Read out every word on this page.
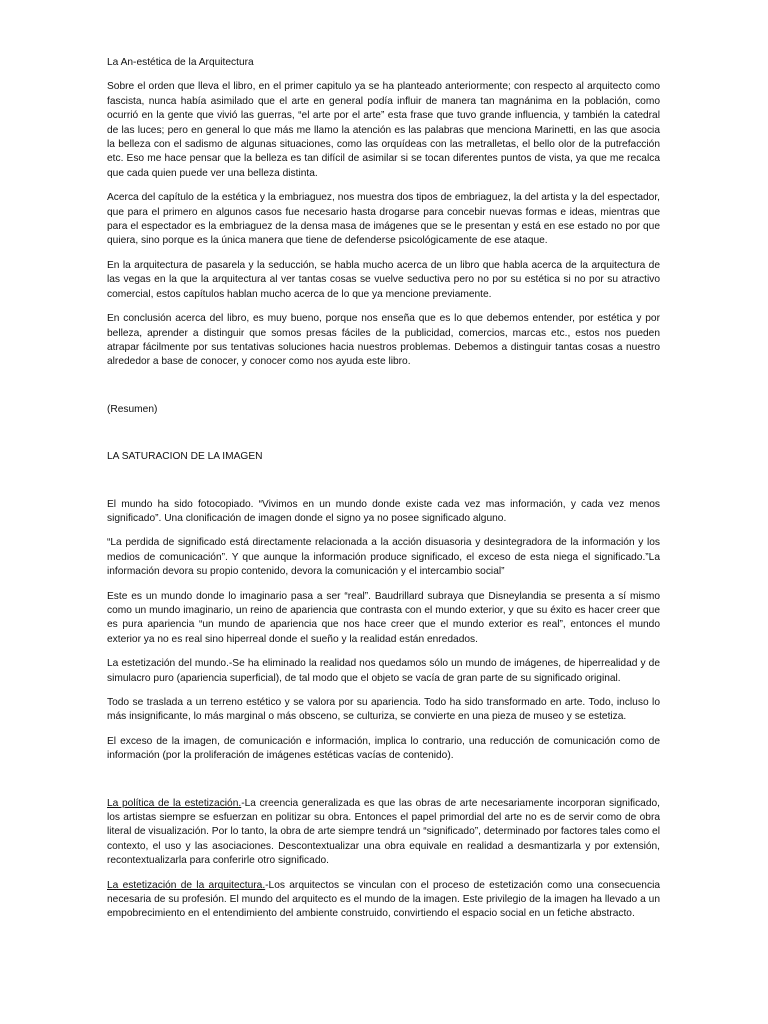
La An-estética de la Arquitectura

Sobre el orden que lleva el libro, en el primer capitulo ya se ha planteado anteriormente; con respecto al arquitecto como fascista, nunca había asimilado que el arte en general podía influir de manera tan magnánima en la población, como ocurrió en la gente que vivió las guerras, “el arte por el arte” esta frase que tuvo grande influencia, y también la catedral de las luces; pero en general lo que más me llamo la atención es las palabras que menciona Marinetti, en las que asocia la belleza con el sadismo de algunas situaciones, como las orquídeas con las metralletas, el bello olor de la putrefacción etc. Eso me hace pensar que la belleza es tan difícil de asimilar si se tocan diferentes puntos de vista, ya que me recalca que cada quien puede ver una belleza distinta.

Acerca del capítulo de la estética y la embriaguez, nos muestra dos tipos de embriaguez, la del artista y la del espectador, que para el primero en algunos casos fue necesario hasta drogarse para concebir nuevas formas e ideas, mientras que para el espectador es la embriaguez de la densa masa de imágenes que se le presentan y está en ese estado no por que quiera, sino porque es la única manera que tiene de defenderse psicológicamente de ese ataque.

En la arquitectura de pasarela y la seducción, se habla mucho acerca de un libro que habla acerca de la arquitectura de las vegas en la que la arquitectura al ver tantas cosas se vuelve seductiva pero no por su estética si no por su atractivo comercial, estos capítulos hablan mucho acerca de lo que ya mencione previamente.

En conclusión acerca del libro, es muy bueno, porque nos enseña que es lo que debemos entender, por estética y por belleza, aprender a distinguir que somos presas fáciles de la publicidad, comercios, marcas etc., estos nos pueden atrapar fácilmente por sus tentativas soluciones hacia nuestros problemas. Debemos a distinguir tantas cosas a nuestro alrededor a base de conocer, y conocer como nos ayuda este libro.

(Resumen)

LA SATURACION DE LA IMAGEN

El mundo ha sido fotocopiado. “Vivimos en un mundo donde existe cada vez mas información, y cada vez menos significado”. Una clonificación de imagen donde el signo ya no posee significado alguno.

“La perdida de significado está directamente relacionada a la acción disuasoria y desintegradora de la información y los medios de comunicación”. Y que aunque la información produce significado, el exceso de esta niega el significado.”La información devora su propio contenido, devora la comunicación y el intercambio social”

Este es un mundo donde lo imaginario pasa a ser “real”. Baudrillard subraya que Disneylandia se presenta a sí mismo como un mundo imaginario, un reino de apariencia que contrasta con el mundo exterior, y que su éxito es hacer creer que es pura apariencia “un mundo de apariencia que nos hace creer que el mundo exterior es real”, entonces el mundo exterior ya no es real sino hiperreal donde el sueño y la realidad están enredados.

La estetización del mundo.-Se ha eliminado la realidad nos quedamos sólo un mundo de imágenes, de hiperrealidad y de simulacro puro (apariencia superficial), de tal modo que el objeto se vacía de gran parte de su significado original.

Todo se traslada a un terreno estético y se valora por su apariencia. Todo ha sido transformado en arte. Todo, incluso lo más insignificante, lo más marginal o más obsceno, se culturiza, se convierte en una pieza de museo y se estetiza.

El exceso de la imagen, de comunicación e información, implica lo contrario, una reducción de comunicación como de información (por la proliferación de imágenes estéticas vacías de contenido).

La política de la estetización.-La creencia generalizada es que las obras de arte necesariamente incorporan significado, los artistas siempre se esfuerzan en politizar su obra. Entonces el papel primordial del arte no es de servir como de obra literal de visualización. Por lo tanto, la obra de arte siempre tendrá un “significado”, determinado por factores tales como el contexto, el uso y las asociaciones. Descontextualizar una obra equivale en realidad a desmantizarla y por extensión, recontextualizarla para conferirle otro significado.

La estetización de la arquitectura.-Los arquitectos se vinculan con el proceso de estetización como una consecuencia necesaria de su profesión. El mundo del arquitecto es el mundo de la imagen. Este privilegio de la imagen ha llevado a un empobrecimiento en el entendimiento del ambiente construido, convirtiendo el espacio social en un fetiche abstracto.
